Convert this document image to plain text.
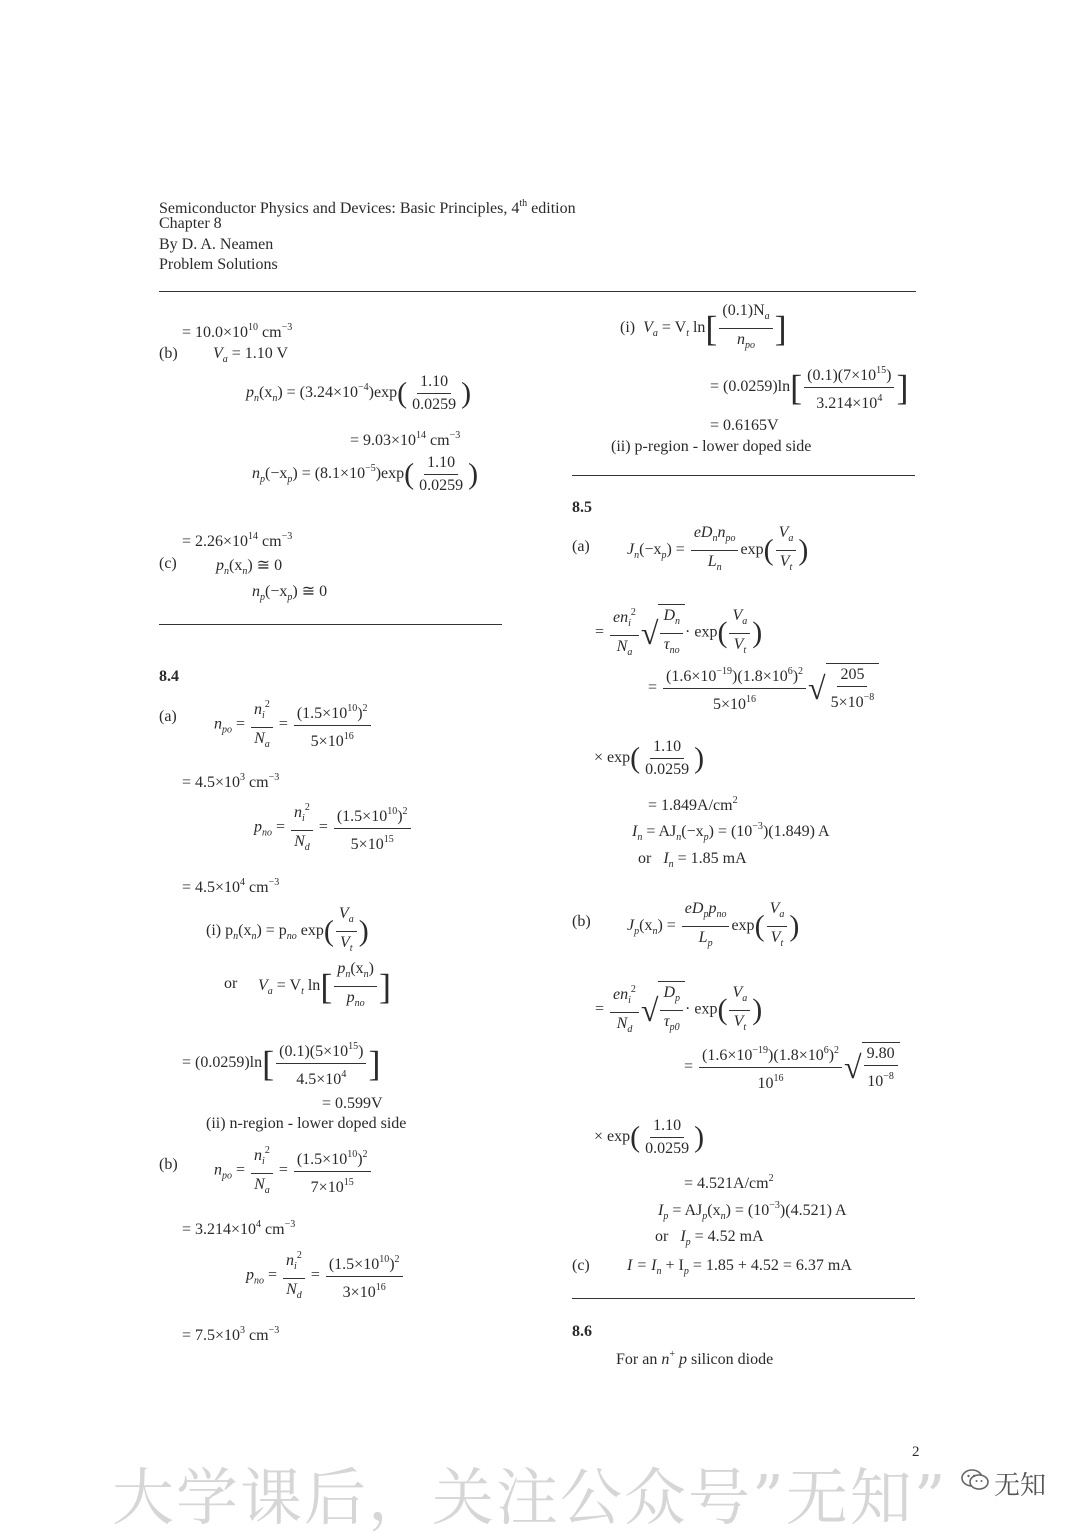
Semiconductor Physics and Devices: Basic Principles, 4th edition
Chapter 8
By D. A. Neamen
Problem Solutions
= $10.0\times 10^{10}$ $cm^{-3}$
(b) $V_a = 1.10$ V
$p_n(x_n) = (3.24\times 10^{-4})\exp( \frac{1.10}{0.0259}$ )
= $9.03\times 10^{14}$ $cm^{-3}$
$n_p(-x_p) = (8.1\times 10^{-5})\exp( \frac{1.10}{0.0259}$ )
= $2.26\times 10^{14}$ $cm^{-3}$
(c) $p_n(x_n)$ ≅ 0
$n_p(-x_p)$ ≅ 0
8.4
(a) $n_{po} = \frac{n_i^2}{N_a} = \frac{(1.5\times 10^{10})^2}{5\times 10^{16}}$
= $4.5\times 10^3$ $cm^{-3}$
$p_{no} = \frac{n_i^2}{N_d} = \frac{(1.5\times 10^{10})^2}{5\times 10^{15}}$
= $4.5\times 10^4$ $cm^{-3}$
(i) $p_n(x_n) = p_{no}$ $\exp( \frac{V_a}{V_t}$ )
or $V_a = V_t$ $\ln[ \frac{p_n(x_n)}{p_{no}}$ ]
= $(0.0259)\ln[ \frac{(0.1)(5\times 10^{15})}{4.5\times 10^4}$ ]
= 0.599V
(ii) n-region - lower doped side
(b) $n_{po} = \frac{n_i^2}{N_a} = \frac{(1.5\times 10^{10})^2}{7\times 10^{15}}$
= $3.214\times 10^4$ $cm^{-3}$
$p_{no} = \frac{n_i^2}{N_d} = \frac{(1.5\times 10^{10})^2}{3\times 10^{16}}$
= $7.5\times 10^3$ $cm^{-3}$
(i) $V_a = V_t$ $\ln[ \frac{(0.1)N_a}{n_{po}}$ ]
= $(0.0259)\ln[ \frac{(0.1)(7\times 10^{15})}{3.214\times 10^4}$ ]
= 0.6165V
(ii) p-region - lower doped side
8.5
(a) $J_n(-x_p) = \frac{eD_nn_{po}}{L_n} \exp( \frac{V_a}{V_t}$ )
= $\frac{en_i^2}{N_a}$ √ $\frac{D_n}{\tau_{no}} \cdot \exp( \frac{V_a}{V_t}$ )
= $\frac{(1.6\times 10^{-19})(1.8\times 10^6)^2}{5\times 10^{16}}$ √ $\frac{205}{5\times 10^{-8}}$
× $\exp( \frac{1.10}{0.0259}$ )
= $1.849A/cm^2$
$I_n = AJ_n(-x_p) = (10^{-3})(1.849)$ A
or $I_n = 1.85$ mA
(b) $J_p(x_n) = \frac{eD_pp_{no}}{L_p} \exp( \frac{V_a}{V_t}$ )
= $\frac{en_i^2}{N_d}$ √ $\frac{D_p}{\tau_{p0}} \cdot \exp( \frac{V_a}{V_t}$ )
= $\frac{(1.6\times 10^{-19})(1.8\times 10^6)^2}{10^{16}}$ √ $\frac{9.80}{10^{-8}}$
× $\exp( \frac{1.10}{0.0259}$ )
= $4.521A/cm^2$
$I_p = AJ_p(x_n) = (10^{-3})(4.521)$ A
or $I_p = 4.52$ mA
(c) $I = I_n + I_p = 1.85 + 4.52 = 6.37$ mA
8.6
For an n+ p silicon diode
大学课后，关注公众号”无知”
2
无知
